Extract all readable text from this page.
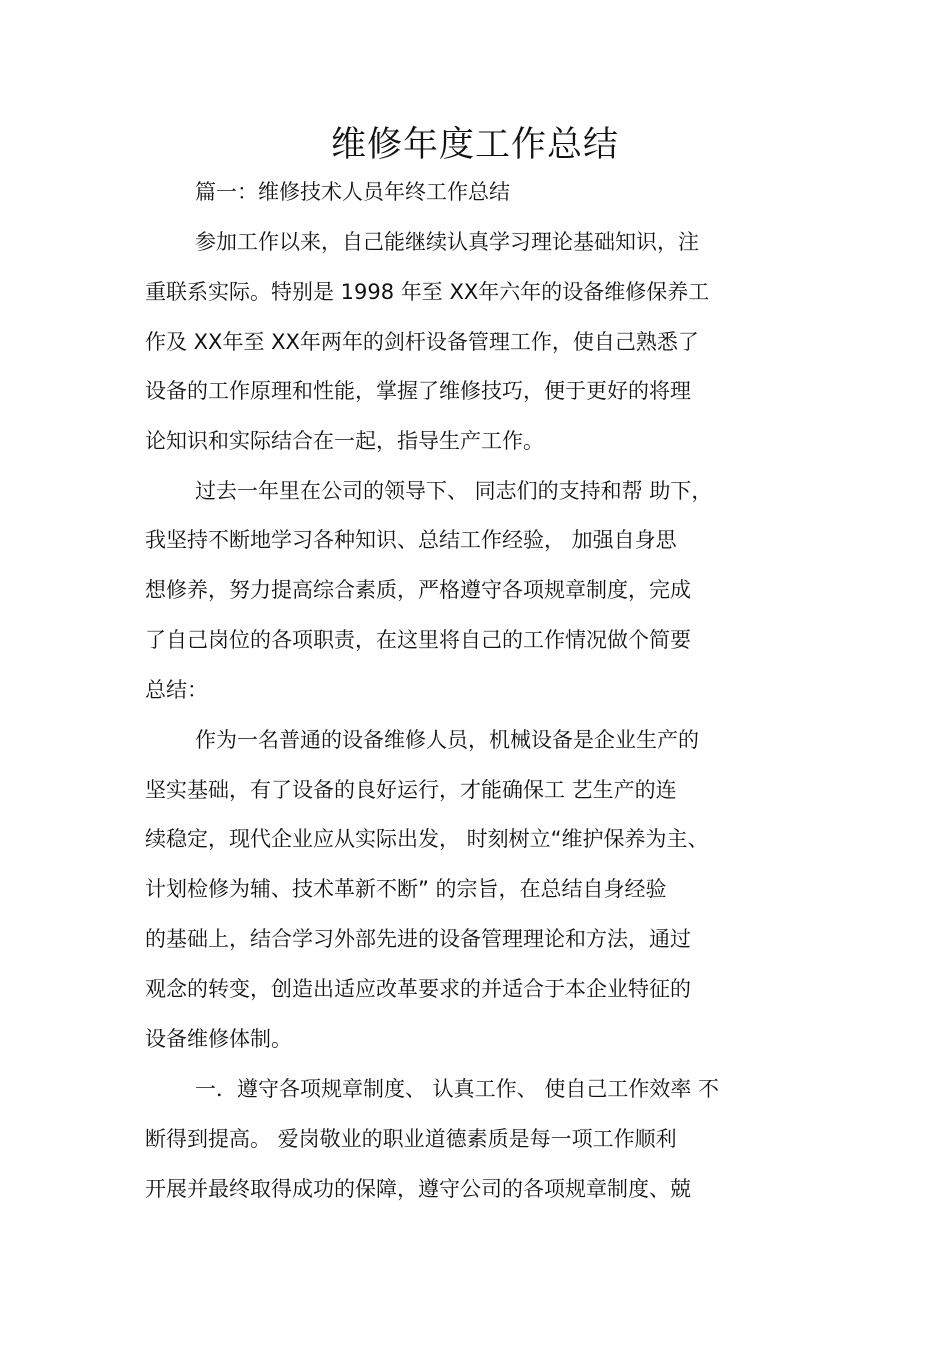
维修年度工作总结
篇一：维修技术人员年终工作总结
参加工作以来，自己能继续认真学习理论基础知识，注
重联系实际。特别是 1998 年至 XX年六年的设备维修保养工
作及 XX年至 XX年两年的剑杆设备管理工作，使自己熟悉了
设备的工作原理和性能，掌握了维修技巧，便于更好的将理
论知识和实际结合在一起，指导生产工作。
过去一年里在公司的领导下、 同志们的支持和帮 助下，
我坚持不断地学习各种知识、总结工作经验， 加强自身思
想修养，努力提高综合素质，严格遵守各项规章制度，完成
了自己岗位的各项职责，在这里将自己的工作情况做个简要
总结：
作为一名普通的设备维修人员，机械设备是企业生产的
坚实基础，有了设备的良好运行，才能确保工 艺生产的连
续稳定，现代企业应从实际出发， 时刻树立“维护保养为主、
计划检修为辅、技术革新不断” 的宗旨，在总结自身经验
的基础上，结合学习外部先进的设备管理理论和方法，通过
观念的转变，创造出适应改革要求的并适合于本企业特征的
设备维修体制。
一．遵守各项规章制度、 认真工作、 使自己工作效率 不
断得到提高。 爱岗敬业的职业道德素质是每一项工作顺利
开展并最终取得成功的保障，遵守公司的各项规章制度、兢
